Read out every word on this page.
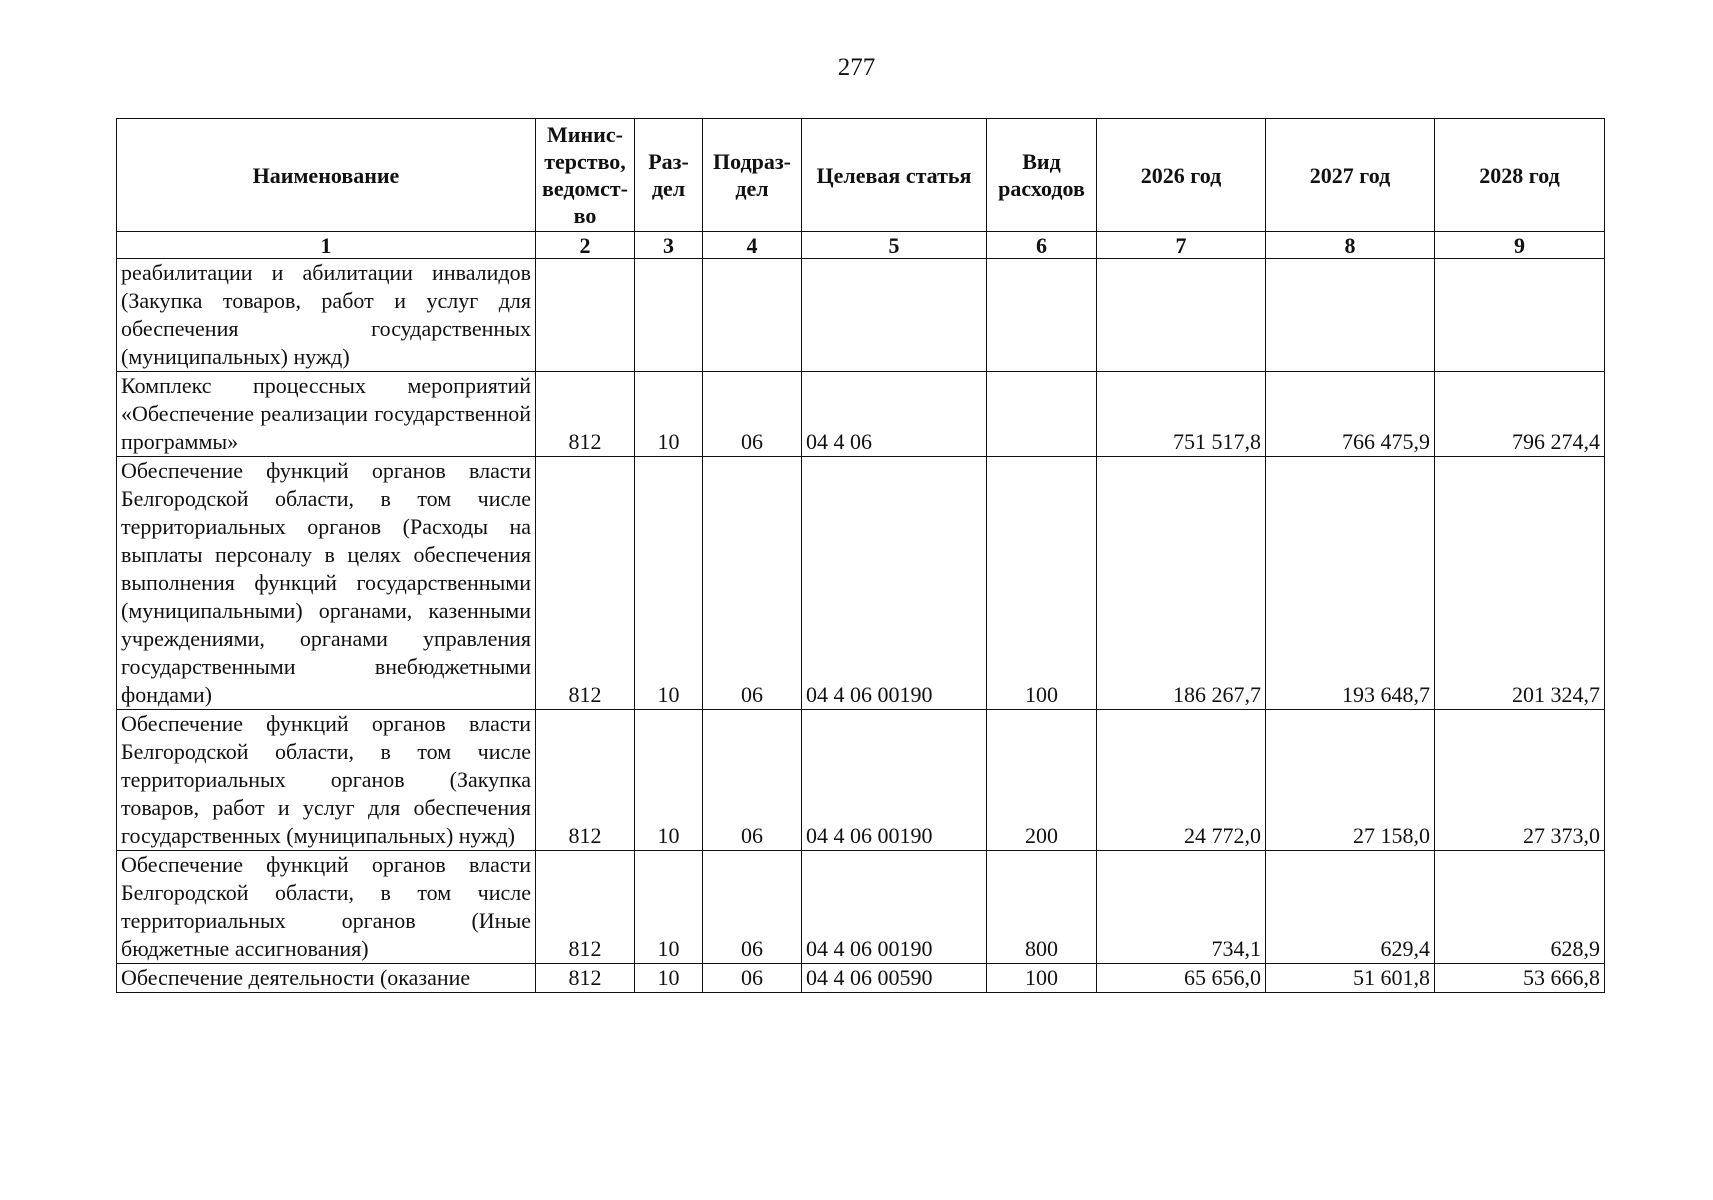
277
Наименование	Минис-терство, ведомст-во	Раз-дел	Подраз-дел	Целевая статья	Вид расходов	2026 год	2027 год	2028 год
1	2	3	4	5	6	7	8	9
реабилитации и абилитации инвалидов (Закупка товаров, работ и услуг для обеспечения государственных (муниципальных) нужд)								
Комплекс процессных мероприятий «Обеспечение реализации государственной программы»	812	10	06	04 4 06		751 517,8	766 475,9	796 274,4
Обеспечение функций органов власти Белгородской области, в том числе территориальных органов (Расходы на выплаты персоналу в целях обеспечения выполнения функций государственными (муниципальными) органами, казенными учреждениями, органами управления государственными внебюджетными фондами)	812	10	06	04 4 06 00190	100	186 267,7	193 648,7	201 324,7
Обеспечение функций органов власти Белгородской области, в том числе территориальных органов (Закупка товаров, работ и услуг для обеспечения государственных (муниципальных) нужд)	812	10	06	04 4 06 00190	200	24 772,0	27 158,0	27 373,0
Обеспечение функций органов власти Белгородской области, в том числе территориальных органов (Иные бюджетные ассигнования)	812	10	06	04 4 06 00190	800	734,1	629,4	628,9
Обеспечение деятельности (оказание	812	10	06	04 4 06 00590	100	65 656,0	51 601,8	53 666,8
